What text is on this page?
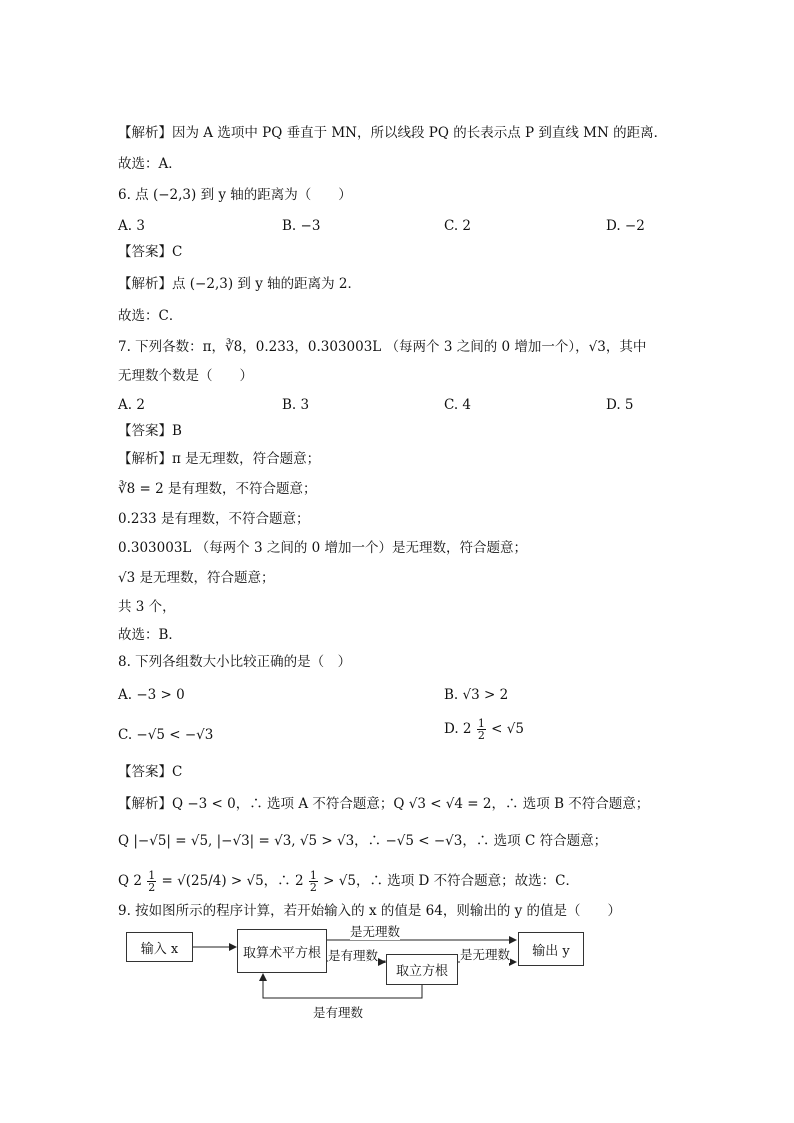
【解析】因为 A 选项中 PQ 垂直于 MN，所以线段 PQ 的长表示点 P 到直线 MN 的距离．
故选：A．
6. 点 (−2,3) 到 y 轴的距离为（　　）
A. 3	B. −3	C. 2	D. −2
【答案】C
【解析】点 (−2,3) 到 y 轴的距离为 2．
故选：C．
7. 下列各数：π，∛8，0.233，0.303003L （每两个 3 之间的 0 增加一个），√3，其中
无理数个数是（　　）
A. 2	B. 3	C. 4	D. 5
【答案】B
【解析】π 是无理数，符合题意；
∛8 = 2 是有理数，不符合题意；
0.233 是有理数，不符合题意；
0.303003L （每两个 3 之间的 0 增加一个）是无理数，符合题意；
√3 是无理数，符合题意；
共 3 个，
故选：B．
8. 下列各组数大小比较正确的是（　）
A. −3 > 0	B. √3 > 2
C. −√5 < −√3	D. $2 \frac{1}{2} < √5$
【答案】C
【解析】Q −3 < 0，∴ 选项 A 不符合题意；Q √3 < √4 = 2，∴ 选项 B 不符合题意；
Q |−√5| = √5, |−√3| = √3, √5 > √3，∴ −√5 < −√3，∴ 选项 C 符合题意；
Q $2 \frac{1}{2} = √(25/4) > √5$，∴ $2 \frac{1}{2} > √5$，∴ 选项 D 不符合题意；故选：C．
9. 按如图所示的程序计算，若开始输入的 x 的值是 64，则输出的 y 的值是（　　）
输入 x	取算术平方根
取立方根
输出 y
是无理数
是有理数	是无理数
是有理数
